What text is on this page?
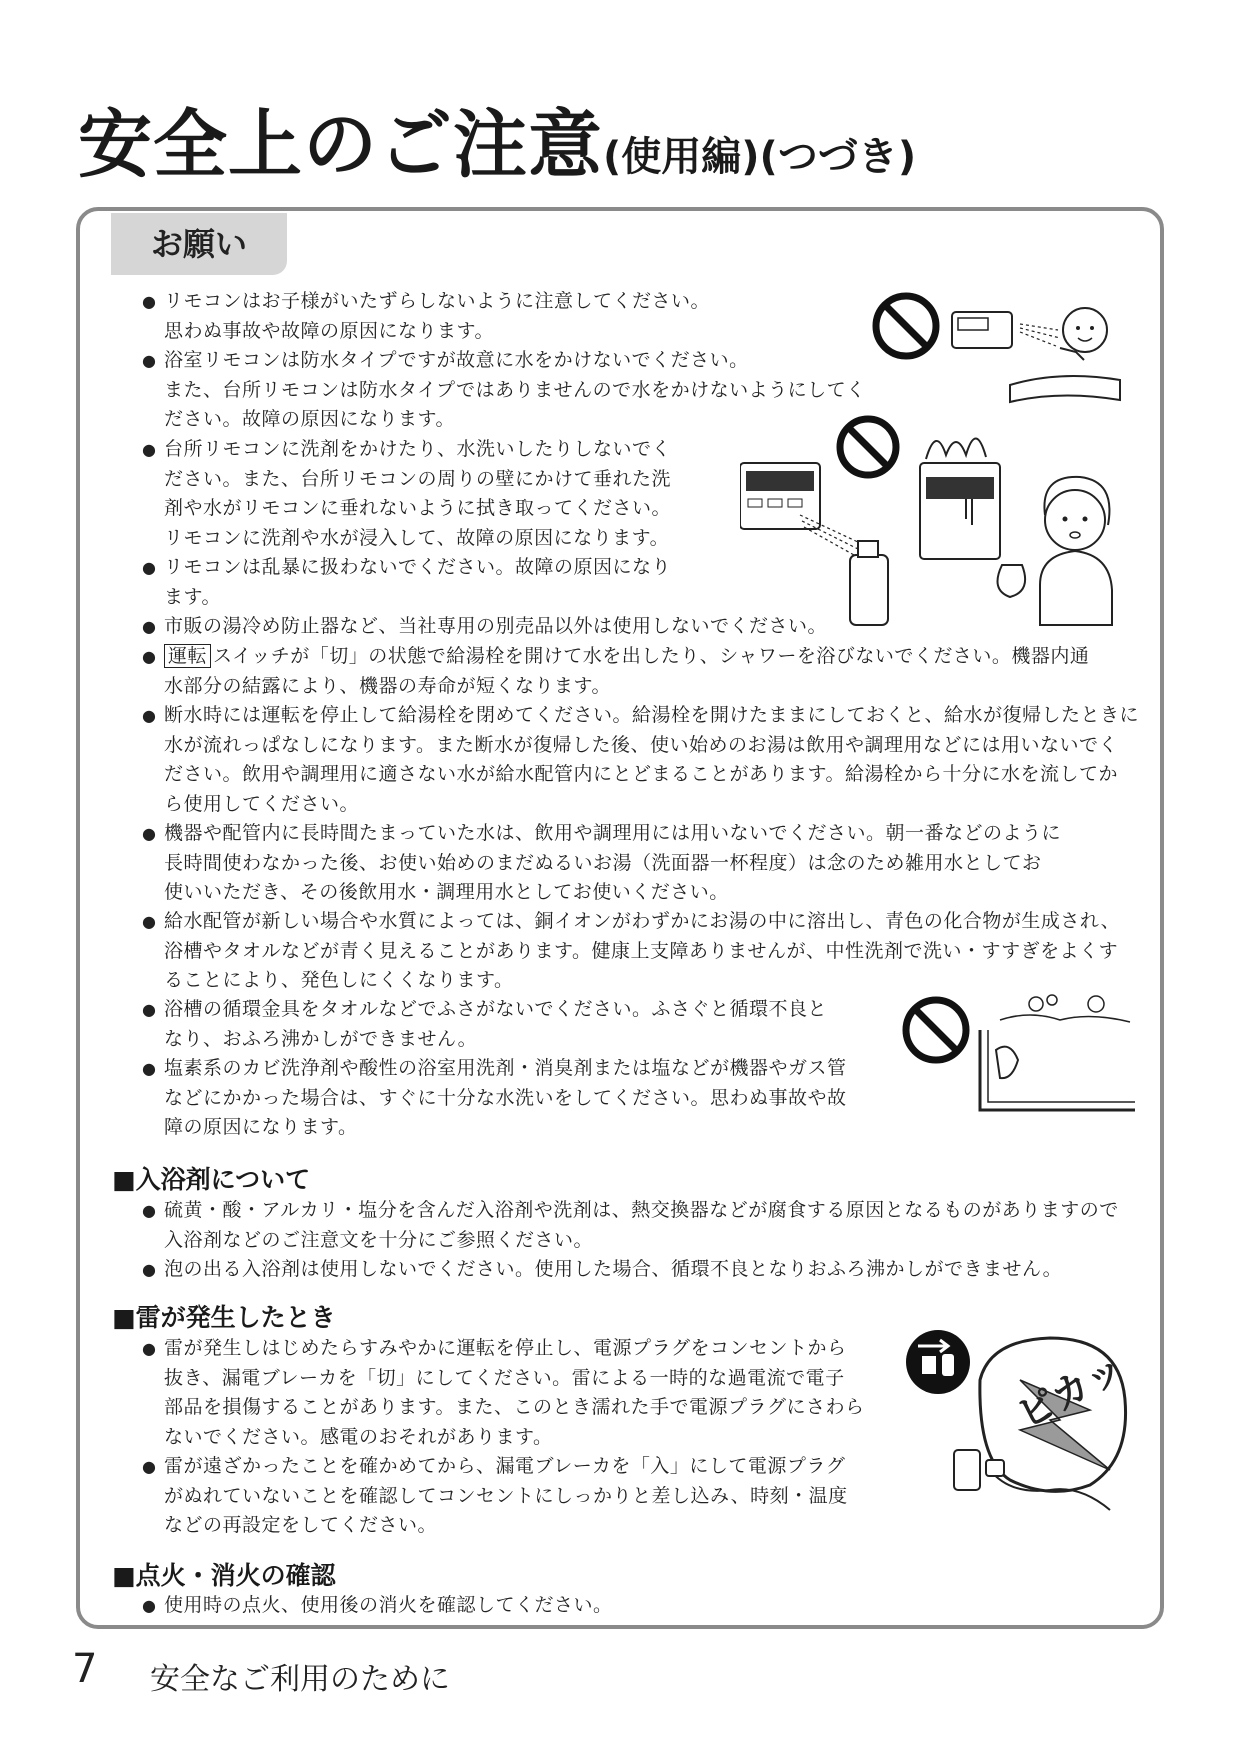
安全上のご注意(使用編)(つづき)
お願い
● リモコンはお子様がいたずらしないように注意してください。
思わぬ事故や故障の原因になります。
● 浴室リモコンは防水タイプですが故意に水をかけないでください。
また、台所リモコンは防水タイプではありませんので水をかけないようにしてく
ださい。故障の原因になります。
● 台所リモコンに洗剤をかけたり、水洗いしたりしないでく
ださい。また、台所リモコンの周りの壁にかけて垂れた洗
剤や水がリモコンに垂れないように拭き取ってください。
リモコンに洗剤や水が浸入して、故障の原因になります。
● リモコンは乱暴に扱わないでください。故障の原因になり
ます。
● 市販の湯冷め防止器など、当社専用の別売品以外は使用しないでください。
● 運転 スイッチが「切」の状態で給湯栓を開けて水を出したり、シャワーを浴びないでください。機器内通
水部分の結露により、機器の寿命が短くなります。
● 断水時には運転を停止して給湯栓を閉めてください。給湯栓を開けたままにしておくと、給水が復帰したときに
水が流れっぱなしになります。また断水が復帰した後、使い始めのお湯は飲用や調理用などには用いないでく
ださい。飲用や調理用に適さない水が給水配管内にとどまることがあります。給湯栓から十分に水を流してか
ら使用してください。
● 機器や配管内に長時間たまっていた水は、飲用や調理用には用いないでください。朝一番などのように
長時間使わなかった後、お使い始めのまだぬるいお湯（洗面器一杯程度）は念のため雑用水としてお
使いいただき、その後飲用水・調理用水としてお使いください。
● 給水配管が新しい場合や水質によっては、銅イオンがわずかにお湯の中に溶出し、青色の化合物が生成され、
浴槽やタオルなどが青く見えることがあります。健康上支障ありませんが、中性洗剤で洗い・すすぎをよくす
ることにより、発色しにくくなります。
● 浴槽の循環金具をタオルなどでふさがないでください。ふさぐと循環不良と
なり、おふろ沸かしができません。
● 塩素系のカビ洗浄剤や酸性の浴室用洗剤・消臭剤または塩などが機器やガス管
などにかかった場合は、すぐに十分な水洗いをしてください。思わぬ事故や故
障の原因になります。
■入浴剤について
● 硫黄・酸・アルカリ・塩分を含んだ入浴剤や洗剤は、熱交換器などが腐食する原因となるものがありますので
入浴剤などのご注意文を十分にご参照ください。
● 泡の出る入浴剤は使用しないでください。使用した場合、循環不良となりおふろ沸かしができません。
■雷が発生したとき
● 雷が発生しはじめたらすみやかに運転を停止し、電源プラグをコンセントから
抜き、漏電ブレーカを「切」にしてください。雷による一時的な過電流で電子
部品を損傷することがあります。また、このとき濡れた手で電源プラグにさわら
ないでください。感電のおそれがあります。
● 雷が遠ざかったことを確かめてから、漏電ブレーカを「入」にして電源プラグ
がぬれていないことを確認してコンセントにしっかりと差し込み、時刻・温度
などの再設定をしてください。
■点火・消火の確認
● 使用時の点火、使用後の消火を確認してください。
ピカッ
7 安全なご利用のために
